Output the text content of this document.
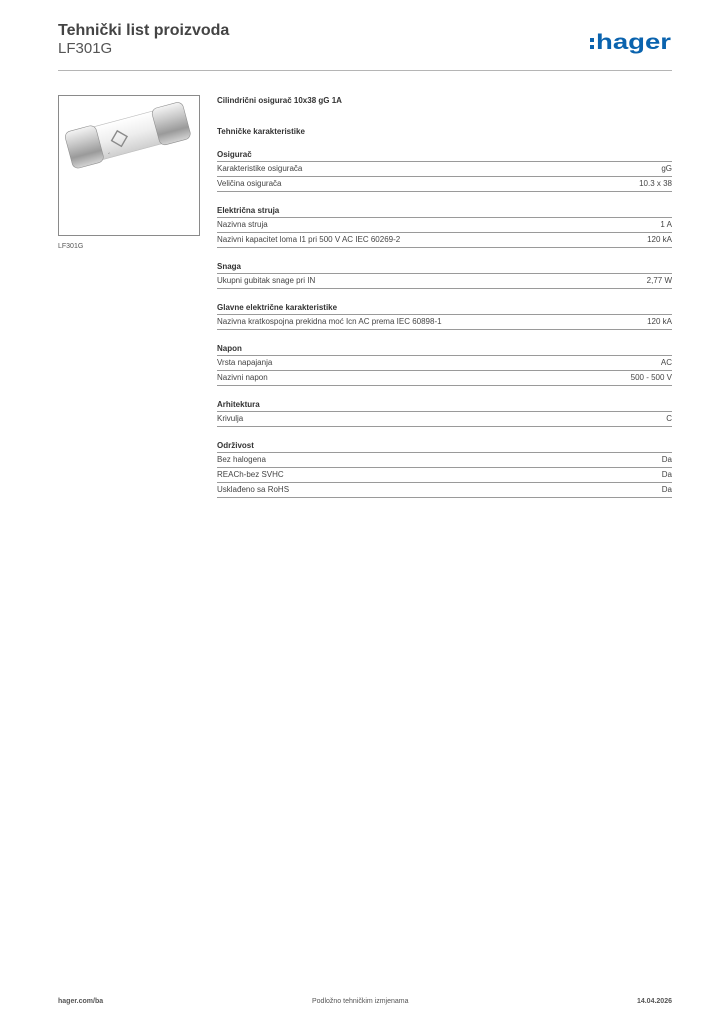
Tehnički list proizvoda
LF301G	hager
<
LF301G
Cilindrični osigurač 10x38 gG 1A
Tehničke karakteristike
Osigurač
Karakteristike osigurača	gG
Veličina osigurača	10.3 x 38
Električna struja
Nazivna struja	1 A
Nazivni kapacitet loma I1 pri 500 V AC IEC 60269-2	120 kA
Snaga
Ukupni gubitak snage pri IN	2,77 W
Glavne električne karakteristike
Nazivna kratkospojna prekidna moć Icn AC prema IEC 60898-1	120 kA
Napon
Vrsta napajanja	AC
Nazivni napon	500 - 500 V
Arhitektura
Krivulja	C
Održivost
Bez halogena	Da
REACh-bez SVHC	Da
Usklađeno sa RoHS	Da
hager.com/ba	Podložno tehničkim izmjenama	14.04.2026
